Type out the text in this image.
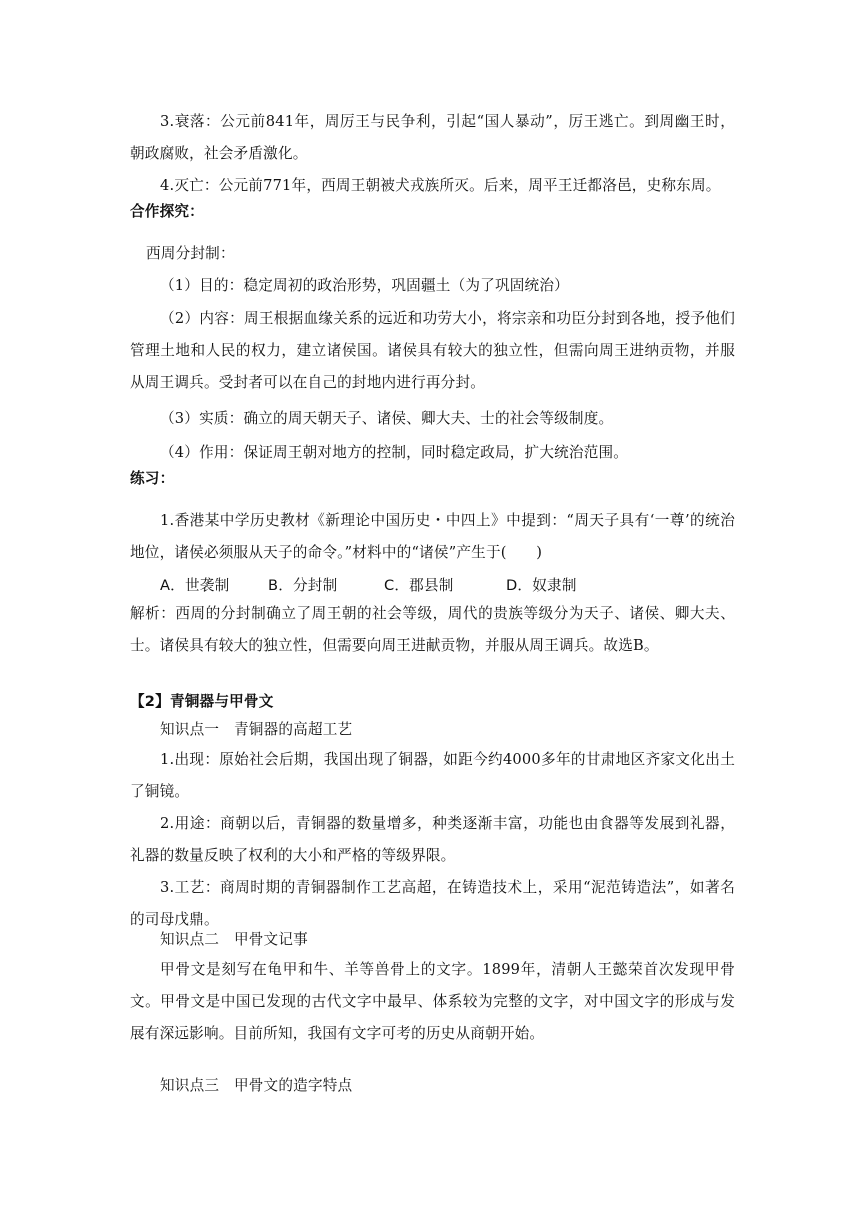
3.衰落：公元前841年，周厉王与民争利，引起“国人暴动”，厉王逃亡。到周幽王时，朝政腐败，社会矛盾激化。

4.灭亡：公元前771年，西周王朝被犬戎族所灭。后来，周平王迁都洛邑，史称东周。

合作探究：

西周分封制：

（1）目的：稳定周初的政治形势，巩固疆土（为了巩固统治）

（2）内容：周王根据血缘关系的远近和功劳大小，将宗亲和功臣分封到各地，授予他们管理土地和人民的权力，建立诸侯国。诸侯具有较大的独立性，但需向周王进纳贡物，并服从周王调兵。受封者可以在自己的封地内进行再分封。

（3）实质：确立的周天朝天子、诸侯、卿大夫、士的社会等级制度。

（4）作用：保证周王朝对地方的控制，同时稳定政局，扩大统治范围。

练习：

1.香港某中学历史教材《新理论中国历史・中四上》中提到：“周天子具有‘一尊’的统治地位，诸侯必须服从天子的命令。”材料中的“诸侯”产生于(　　)

A．世袭制	B．分封制	C．郡县制	D．奴隶制

解析：西周的分封制确立了周王朝的社会等级，周代的贵族等级分为天子、诸侯、卿大夫、士。诸侯具有较大的独立性，但需要向周王进献贡物，并服从周王调兵。故选B。

【2】青铜器与甲骨文

知识点一　青铜器的高超工艺

1.出现：原始社会后期，我国出现了铜器，如距今约4000多年的甘肃地区齐家文化出土了铜镜。

2.用途：商朝以后，青铜器的数量增多，种类逐渐丰富，功能也由食器等发展到礼器，礼器的数量反映了权利的大小和严格的等级界限。

3.工艺：商周时期的青铜器制作工艺高超，在铸造技术上，采用“泥范铸造法”，如著名的司母戊鼎。

知识点二　甲骨文记事

甲骨文是刻写在龟甲和牛、羊等兽骨上的文字。1899年，清朝人王懿荣首次发现甲骨文。甲骨文是中国已发现的古代文字中最早、体系较为完整的文字，对中国文字的形成与发展有深远影响。目前所知，我国有文字可考的历史从商朝开始。

知识点三　甲骨文的造字特点
